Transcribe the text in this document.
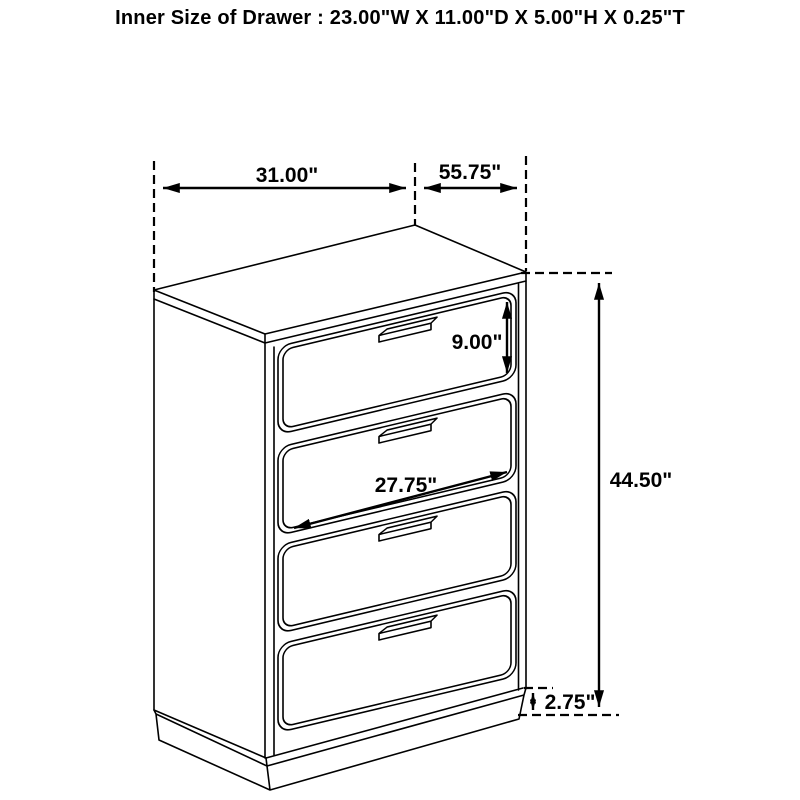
Inner Size of Drawer : 23.00"W X 11.00"D X 5.00"H X 0.25"T
31.00"	55.75"
9.00"
27.75"	44.50"
2.75"
